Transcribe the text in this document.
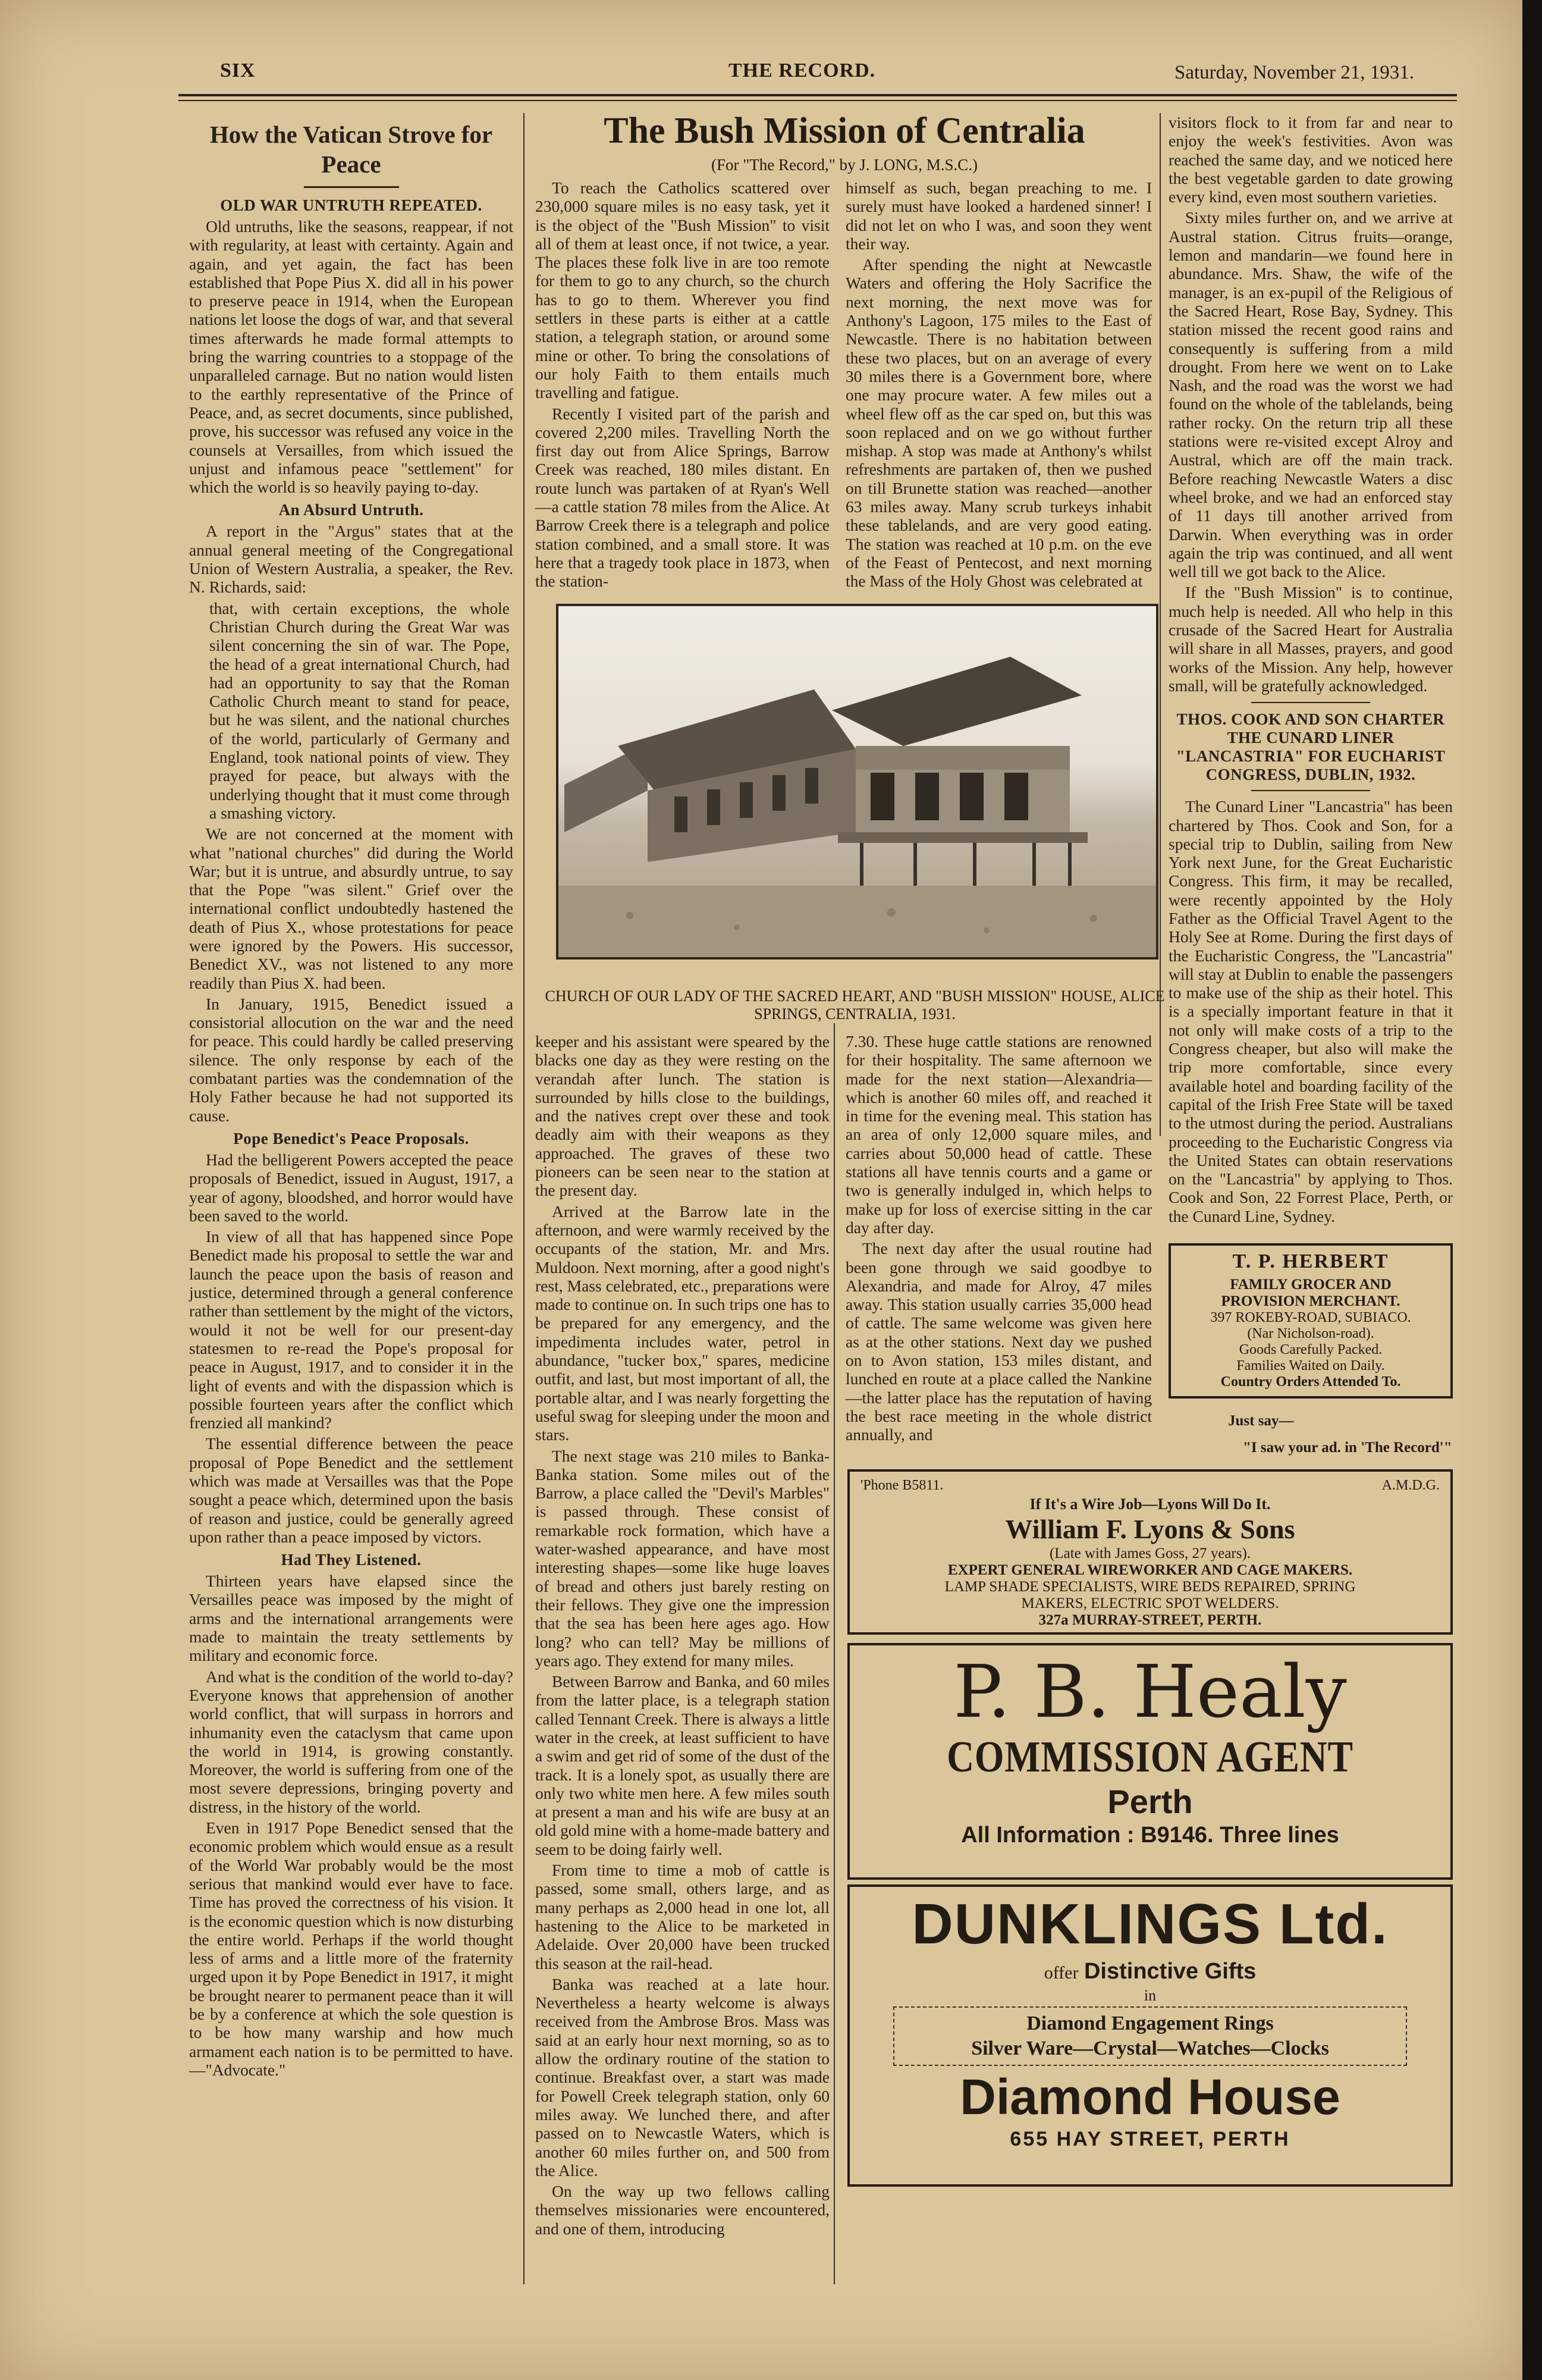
SIX	THE RECORD.	Saturday, November 21, 1931.
How the Vatican Strove for
Peace
OLD WAR UNTRUTH REPEATED.

Old untruths, like the seasons, reappear, if not with regularity, at least with certainty. Again and again, and yet again, the fact has been established that Pope Pius X. did all in his power to preserve peace in 1914, when the European nations let loose the dogs of war, and that several times afterwards he made formal attempts to bring the warring countries to a stoppage of the unparalleled carnage. But no nation would listen to the earthly representative of the Prince of Peace, and, as secret documents, since published, prove, his successor was refused any voice in the counsels at Versailles, from which issued the unjust and infamous peace "settlement" for which the world is so heavily paying to-day.

An Absurd Untruth.

A report in the "Argus" states that at the annual general meeting of the Congregational Union of Western Australia, a speaker, the Rev. N. Richards, said:

that, with certain exceptions, the whole Christian Church during the Great War was silent concerning the sin of war. The Pope, the head of a great international Church, had had an opportunity to say that the Roman Catholic Church meant to stand for peace, but he was silent, and the national churches of the world, particularly of Germany and England, took national points of view. They prayed for peace, but always with the underlying thought that it must come through a smashing victory.

We are not concerned at the moment with what "national churches" did during the World War; but it is untrue, and absurdly untrue, to say that the Pope "was silent." Grief over the international conflict undoubtedly hastened the death of Pius X., whose protestations for peace were ignored by the Powers. His successor, Benedict XV., was not listened to any more readily than Pius X. had been.

In January, 1915, Benedict issued a consistorial allocution on the war and the need for peace. This could hardly be called preserving silence. The only response by each of the combatant parties was the condemnation of the Holy Father because he had not supported its cause.

Pope Benedict's Peace Proposals.

Had the belligerent Powers accepted the peace proposals of Benedict, issued in August, 1917, a year of agony, bloodshed, and horror would have been saved to the world.

In view of all that has happened since Pope Benedict made his proposal to settle the war and launch the peace upon the basis of reason and justice, determined through a general conference rather than settlement by the might of the victors, would it not be well for our present-day statesmen to re-read the Pope's proposal for peace in August, 1917, and to consider it in the light of events and with the dispassion which is possible fourteen years after the conflict which frenzied all mankind?

The essential difference between the peace proposal of Pope Benedict and the settlement which was made at Versailles was that the Pope sought a peace which, determined upon the basis of reason and justice, could be generally agreed upon rather than a peace imposed by victors.

Had They Listened.

Thirteen years have elapsed since the Versailles peace was imposed by the might of arms and the international arrangements were made to maintain the treaty settlements by military and economic force.

And what is the condition of the world to-day? Everyone knows that apprehension of another world conflict, that will surpass in horrors and inhumanity even the cataclysm that came upon the world in 1914, is growing constantly. Moreover, the world is suffering from one of the most severe depressions, bringing poverty and distress, in the history of the world.

Even in 1917 Pope Benedict sensed that the economic problem which would ensue as a result of the World War probably would be the most serious that mankind would ever have to face. Time has proved the correctness of his vision. It is the economic question which is now disturbing the entire world. Perhaps if the world thought less of arms and a little more of the fraternity urged upon it by Pope Benedict in 1917, it might be brought nearer to permanent peace than it will be by a conference at which the sole question is to be how many warship and how much armament each nation is to be permitted to have.—"Advocate."

The Bush Mission of Centralia
(For "The Record," by J. LONG, M.S.C.)

To reach the Catholics scattered over 230,000 square miles is no easy task, yet it is the object of the "Bush Mission" to visit all of them at least once, if not twice, a year. The places these folk live in are too remote for them to go to any church, so the church has to go to them. Wherever you find settlers in these parts is either at a cattle station, a telegraph station, or around some mine or other. To bring the consolations of our holy Faith to them entails much travelling and fatigue.

Recently I visited part of the parish and covered 2,200 miles. Travelling North the first day out from Alice Springs, Barrow Creek was reached, 180 miles distant. En route lunch was partaken of at Ryan's Well—a cattle station 78 miles from the Alice. At Barrow Creek there is a telegraph and police station combined, and a small store. It was here that a tragedy took place in 1873, when the station-

himself as such, began preaching to me. I surely must have looked a hardened sinner! I did not let on who I was, and soon they went their way.

After spending the night at Newcastle Waters and offering the Holy Sacrifice the next morning, the next move was for Anthony's Lagoon, 175 miles to the East of Newcastle. There is no habitation between these two places, but on an average of every 30 miles there is a Government bore, where one may procure water. A few miles out a wheel flew off as the car sped on, but this was soon replaced and on we go without further mishap. A stop was made at Anthony's whilst refreshments are partaken of, then we pushed on till Brunette station was reached—another 63 miles away. Many scrub turkeys inhabit these tablelands, and are very good eating. The station was reached at 10 p.m. on the eve of the Feast of Pentecost, and next morning the Mass of the Holy Ghost was celebrated at

CHURCH OF OUR LADY OF THE SACRED HEART, AND "BUSH MISSION" HOUSE, ALICE SPRINGS, CENTRALIA, 1931.

keeper and his assistant were speared by the blacks one day as they were resting on the verandah after lunch. The station is surrounded by hills close to the buildings, and the natives crept over these and took deadly aim with their weapons as they approached. The graves of these two pioneers can be seen near to the station at the present day.

Arrived at the Barrow late in the afternoon, and were warmly received by the occupants of the station, Mr. and Mrs. Muldoon. Next morning, after a good night's rest, Mass celebrated, etc., preparations were made to continue on. In such trips one has to be prepared for any emergency, and the impedimenta includes water, petrol in abundance, "tucker box," spares, medicine outfit, and last, but most important of all, the portable altar, and I was nearly forgetting the useful swag for sleeping under the moon and stars.

The next stage was 210 miles to Banka-Banka station. Some miles out of the Barrow, a place called the "Devil's Marbles" is passed through. These consist of remarkable rock formation, which have a water-washed appearance, and have most interesting shapes—some like huge loaves of bread and others just barely resting on their fellows. They give one the impression that the sea has been here ages ago. How long? who can tell? May be millions of years ago. They extend for many miles.

Between Barrow and Banka, and 60 miles from the latter place, is a telegraph station called Tennant Creek. There is always a little water in the creek, at least sufficient to have a swim and get rid of some of the dust of the track. It is a lonely spot, as usually there are only two white men here. A few miles south at present a man and his wife are busy at an old gold mine with a home-made battery and seem to be doing fairly well.

From time to time a mob of cattle is passed, some small, others large, and as many perhaps as 2,000 head in one lot, all hastening to the Alice to be marketed in Adelaide. Over 20,000 have been trucked this season at the rail-head.

Banka was reached at a late hour. Nevertheless a hearty welcome is always received from the Ambrose Bros. Mass was said at an early hour next morning, so as to allow the ordinary routine of the station to continue. Breakfast over, a start was made for Powell Creek telegraph station, only 60 miles away. We lunched there, and after passed on to Newcastle Waters, which is another 60 miles further on, and 500 from the Alice.

On the way up two fellows calling themselves missionaries were encountered, and one of them, introducing

7.30. These huge cattle stations are renowned for their hospitality. The same afternoon we made for the next station—Alexandria—which is another 60 miles off, and reached it in time for the evening meal. This station has an area of only 12,000 square miles, and carries about 50,000 head of cattle. These stations all have tennis courts and a game or two is generally indulged in, which helps to make up for loss of exercise sitting in the car day after day.

The next day after the usual routine had been gone through we said goodbye to Alexandria, and made for Alroy, 47 miles away. This station usually carries 35,000 head of cattle. The same welcome was given here as at the other stations. Next day we pushed on to Avon station, 153 miles distant, and lunched en route at a place called the Nankine—the latter place has the reputation of having the best race meeting in the whole district annually, and

visitors flock to it from far and near to enjoy the week's festivities. Avon was reached the same day, and we noticed here the best vegetable garden to date growing every kind, even most southern varieties.

Sixty miles further on, and we arrive at Austral station. Citrus fruits—orange, lemon and mandarin—we found here in abundance. Mrs. Shaw, the wife of the manager, is an ex-pupil of the Religious of the Sacred Heart, Rose Bay, Sydney. This station missed the recent good rains and consequently is suffering from a mild drought. From here we went on to Lake Nash, and the road was the worst we had found on the whole of the tablelands, being rather rocky. On the return trip all these stations were re-visited except Alroy and Austral, which are off the main track. Before reaching Newcastle Waters a disc wheel broke, and we had an enforced stay of 11 days till another arrived from Darwin. When everything was in order again the trip was continued, and all went well till we got back to the Alice.

If the "Bush Mission" is to continue, much help is needed. All who help in this crusade of the Sacred Heart for Australia will share in all Masses, prayers, and good works of the Mission. Any help, however small, will be gratefully acknowledged.

THOS. COOK AND SON CHARTER THE CUNARD LINER "LANCASTRIA" FOR EUCHARIST CONGRESS, DUBLIN, 1932.

The Cunard Liner "Lancastria" has been chartered by Thos. Cook and Son, for a special trip to Dublin, sailing from New York next June, for the Great Eucharistic Congress. This firm, it may be recalled, were recently appointed by the Holy Father as the Official Travel Agent to the Holy See at Rome. During the first days of the Eucharistic Congress, the "Lancastria" will stay at Dublin to enable the passengers to make use of the ship as their hotel. This is a specially important feature in that it not only will make costs of a trip to the Congress cheaper, but also will make the trip more comfortable, since every available hotel and boarding facility of the capital of the Irish Free State will be taxed to the utmost during the period. Australians proceeding to the Eucharistic Congress via the United States can obtain reservations on the "Lancastria" by applying to Thos. Cook and Son, 22 Forrest Place, Perth, or the Cunard Line, Sydney.

T. P. HERBERT
FAMILY GROCER AND
PROVISION MERCHANT.
397 ROKEBY-ROAD, SUBIACO.
(Nar Nicholson-road).
Goods Carefully Packed.
Families Waited on Daily.
Country Orders Attended To.
Just say—
"I saw your ad. in 'The Record'"
'Phone B5811.	A.M.D.G.
If It's a Wire Job—Lyons Will Do It.
William F. Lyons & Sons
(Late with James Goss, 27 years).
EXPERT GENERAL WIREWORKER AND CAGE MAKERS.
LAMP SHADE SPECIALISTS, WIRE BEDS REPAIRED, SPRING
MAKERS, ELECTRIC SPOT WELDERS.
327a MURRAY-STREET, PERTH.
P. B. Healy
COMMISSION AGENT
Perth
All Information : B9146. Three lines
DUNKLINGS Ltd.
offer Distinctive Gifts
in
Diamond Engagement Rings
Silver Ware—Crystal—Watches—Clocks
Diamond House
655 HAY STREET, PERTH
